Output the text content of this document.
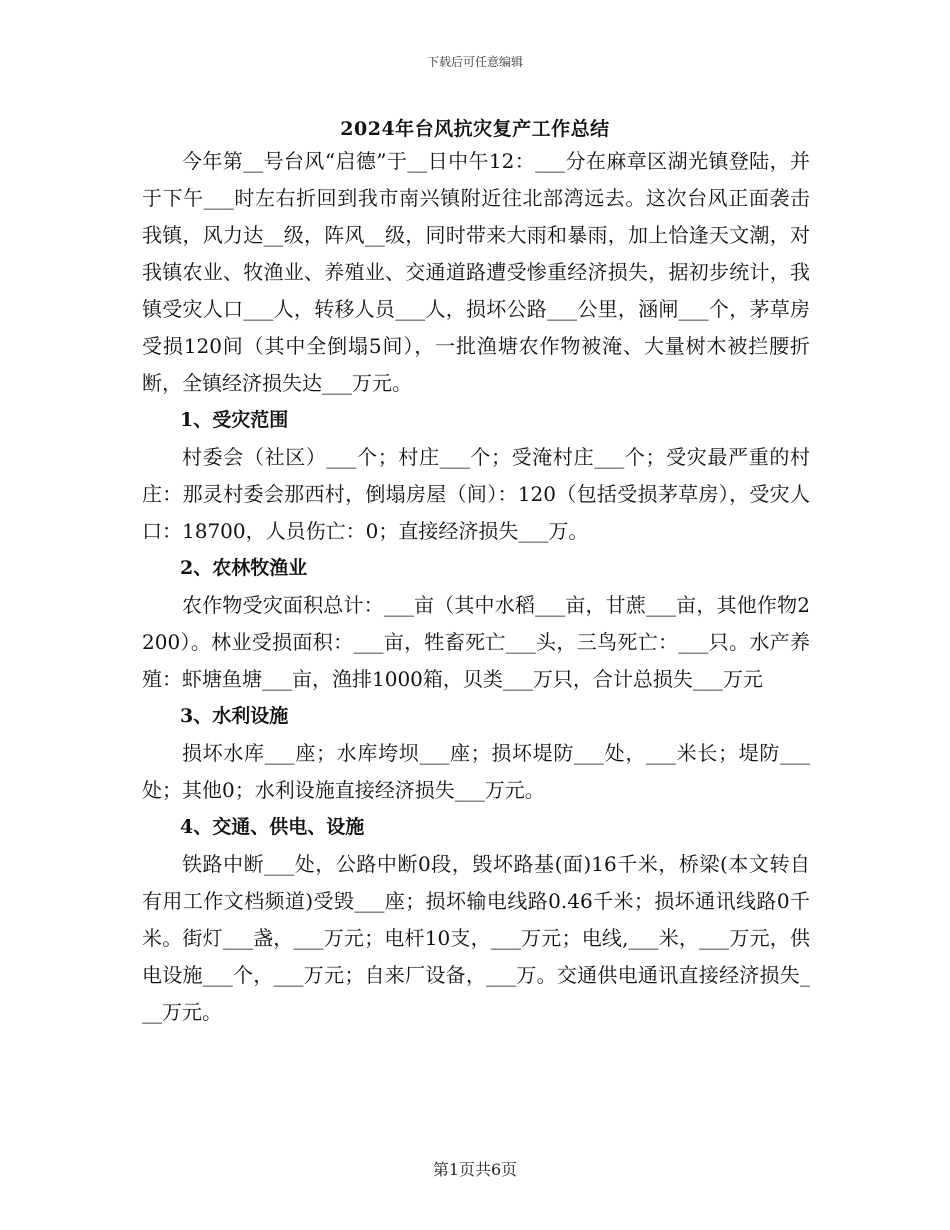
下载后可任意编辑
2024年台风抗灾复产工作总结

今年第__号台风“启德”于__日中午12：___分在麻章区湖光镇登陆，并于下午___时左右折回到我市南兴镇附近往北部湾远去。这次台风正面袭击我镇，风力达__级，阵风__级，同时带来大雨和暴雨，加上恰逢天文潮，对我镇农业、牧渔业、养殖业、交通道路遭受惨重经济损失，据初步统计，我镇受灾人口___人，转移人员___人，损坏公路___公里，涵闸___个，茅草房受损120间（其中全倒塌5间），一批渔塘农作物被淹、大量树木被拦腰折断，全镇经济损失达___万元。

1、受灾范围

村委会（社区）___个；村庄___个；受淹村庄___个；受灾最严重的村庄：那灵村委会那西村，倒塌房屋（间）：120（包括受损茅草房），受灾人口：18700，人员伤亡：0；直接经济损失___万。

2、农林牧渔业

农作物受灾面积总计：___亩（其中水稻___亩，甘蔗___亩，其他作物2200）。林业受损面积：___亩，牲畜死亡___头，三鸟死亡：___只。水产养殖：虾塘鱼塘___亩，渔排1000箱，贝类___万只，合计总损失___万元

3、水利设施

损坏水库___座；水库垮坝___座；损坏堤防___处，___米长；堤防___处；其他0；水利设施直接经济损失___万元。

4、交通、供电、设施

铁路中断___处，公路中断0段，毁坏路基(面)16千米，桥梁(本文转自有用工作文档频道)受毁___座；损坏输电线路0.46千米；损坏通讯线路0千米。街灯___盏，___万元；电杆10支，___万元；电线,___米，___万元，供电设施___个，___万元；自来厂设备，___万。交通供电通讯直接经济损失___万元。

第1页共6页
